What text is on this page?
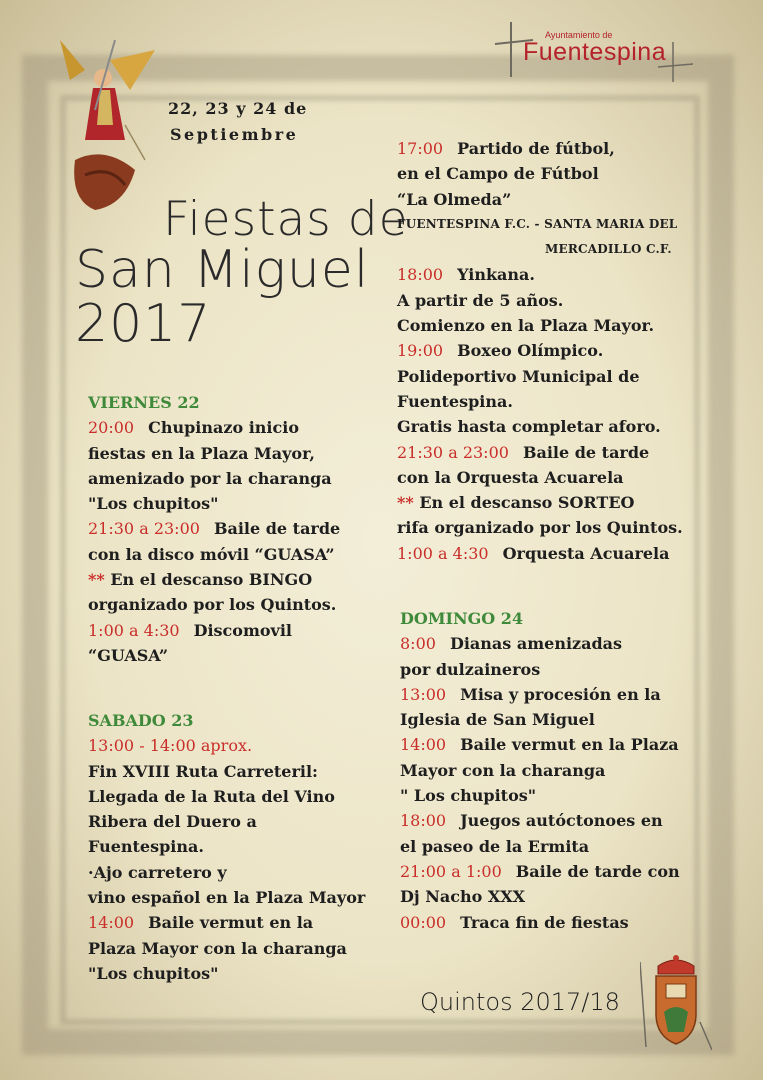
Ayuntamiento de
Fuentespina
22, 23 y 24 de
Septiembre
Fiestas de
San Miguel
2017
VIERNES 22
20:00 Chupinazo inicio
fiestas en la Plaza Mayor,
amenizado por la charanga
"Los chupitos"
21:30 a 23:00 Baile de tarde
con la disco móvil “GUASA”
** En el descanso BINGO
organizado por los Quintos.
1:00 a 4:30 Discomovil
“GUASA”
SABADO 23
13:00 - 14:00 aprox.
Fin XVIII Ruta Carreteril:
Llegada de la Ruta del Vino
Ribera del Duero a
Fuentespina.
·Ajo carretero y
vino español en la Plaza Mayor
14:00 Baile vermut en la
Plaza Mayor con la charanga
"Los chupitos"
17:00 Partido de fútbol,
en el Campo de Fútbol
“La Olmeda”
FUENTESPINA F.C. - SANTA MARIA DEL
MERCADILLO C.F.
18:00 Yinkana.
A partir de 5 años.
Comienzo en la Plaza Mayor.
19:00 Boxeo Olímpico.
Polideportivo Municipal de
Fuentespina.
Gratis hasta completar aforo.
21:30 a 23:00 Baile de tarde
con la Orquesta Acuarela
** En el descanso SORTEO
rifa organizado por los Quintos.
1:00 a 4:30 Orquesta Acuarela
DOMINGO 24
8:00 Dianas amenizadas
por dulzaineros
13:00 Misa y procesión en la
Iglesia de San Miguel
14:00 Baile vermut en la Plaza
Mayor con la charanga
" Los chupitos"
18:00 Juegos autóctonoes en
el paseo de la Ermita
21:00 a 1:00 Baile de tarde con
Dj Nacho XXX
00:00 Traca fin de fiestas
Quintos 2017/18
